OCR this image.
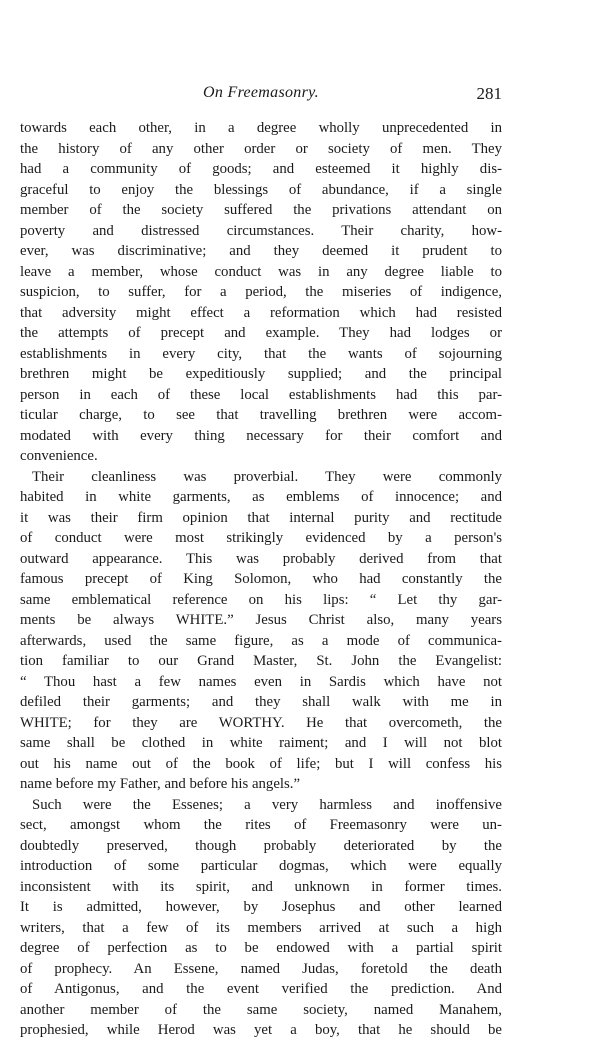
On Freemasonry.	281
towards each other, in a degree wholly unprecedented in
the history of any other order or society of men. They
had a community of goods; and esteemed it highly dis-
graceful to enjoy the blessings of abundance, if a single
member of the society suffered the privations attendant on
poverty and distressed circumstances. Their charity, how-
ever, was discriminative; and they deemed it prudent to
leave a member, whose conduct was in any degree liable to
suspicion, to suffer, for a period, the miseries of indigence,
that adversity might effect a reformation which had resisted
the attempts of precept and example. They had lodges or
establishments in every city, that the wants of sojourning
brethren might be expeditiously supplied; and the principal
person in each of these local establishments had this par-
ticular charge, to see that travelling brethren were accom-
modated with every thing necessary for their comfort and
convenience.
Their cleanliness was proverbial. They were commonly
habited in white garments, as emblems of innocence; and
it was their firm opinion that internal purity and rectitude
of conduct were most strikingly evidenced by a person's
outward appearance. This was probably derived from that
famous precept of King Solomon, who had constantly the
same emblematical reference on his lips: “ Let thy gar-
ments be always WHITE.” Jesus Christ also, many years
afterwards, used the same figure, as a mode of communica-
tion familiar to our Grand Master, St. John the Evangelist:
“ Thou hast a few names even in Sardis which have not
defiled their garments; and they shall walk with me in
WHITE; for they are WORTHY. He that overcometh, the
same shall be clothed in white raiment; and I will not blot
out his name out of the book of life; but I will confess his
name before my Father, and before his angels.”
Such were the Essenes; a very harmless and inoffensive
sect, amongst whom the rites of Freemasonry were un-
doubtedly preserved, though probably deteriorated by the
introduction of some particular dogmas, which were equally
inconsistent with its spirit, and unknown in former times.
It is admitted, however, by Josephus and other learned
writers, that a few of its members arrived at such a high
degree of perfection as to be endowed with a partial spirit
of prophecy. An Essene, named Judas, foretold the death
of Antigonus, and the event verified the prediction. And
another member of the same society, named Manahem,
prophesied, while Herod was yet a boy, that he should be
